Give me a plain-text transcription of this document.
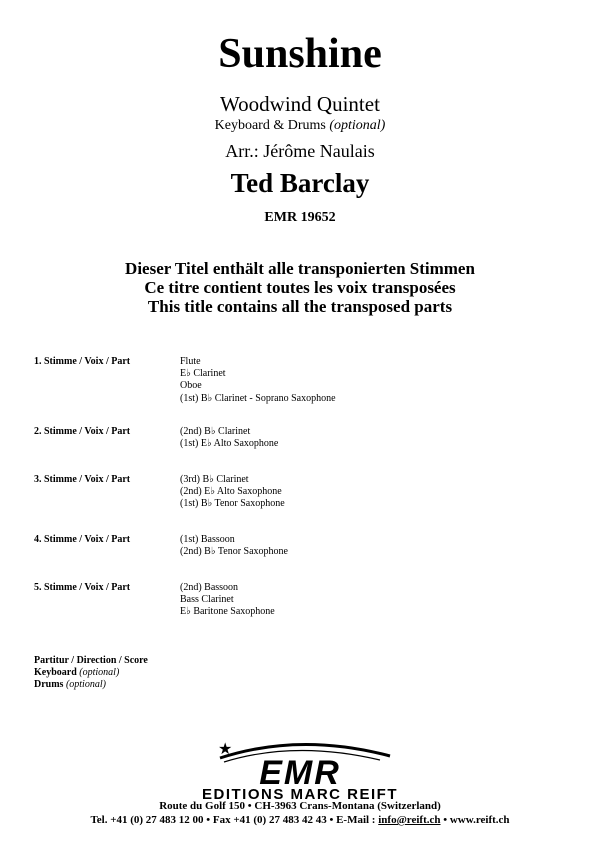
Sunshine
Woodwind Quintet
Keyboard & Drums (optional)
Arr.: Jérôme Naulais
Ted Barclay
EMR 19652
Dieser Titel enthält alle transponierten Stimmen
Ce titre contient toutes les voix transposées
This title contains all the transposed parts
1. Stimme / Voix / Part	Flute
E♭ Clarinet
Oboe
(1st) B♭ Clarinet - Soprano Saxophone
2. Stimme / Voix / Part	(2nd) B♭ Clarinet
(1st) E♭ Alto Saxophone
3. Stimme / Voix / Part	(3rd) B♭ Clarinet
(2nd) E♭ Alto Saxophone
(1st) B♭ Tenor Saxophone
4. Stimme / Voix / Part	(1st) Bassoon
(2nd) B♭ Tenor Saxophone
5. Stimme / Voix / Part	(2nd) Bassoon
Bass Clarinet
E♭ Baritone Saxophone
Partitur / Direction / Score
Keyboard (optional)
Drums (optional)
★
EMR
EDITIONS MARC REIFT
Route du Golf 150 • CH-3963 Crans-Montana (Switzerland)
Tel. +41 (0) 27 483 12 00 • Fax +41 (0) 27 483 42 43 • E-Mail : info@reift.ch • www.reift.ch
